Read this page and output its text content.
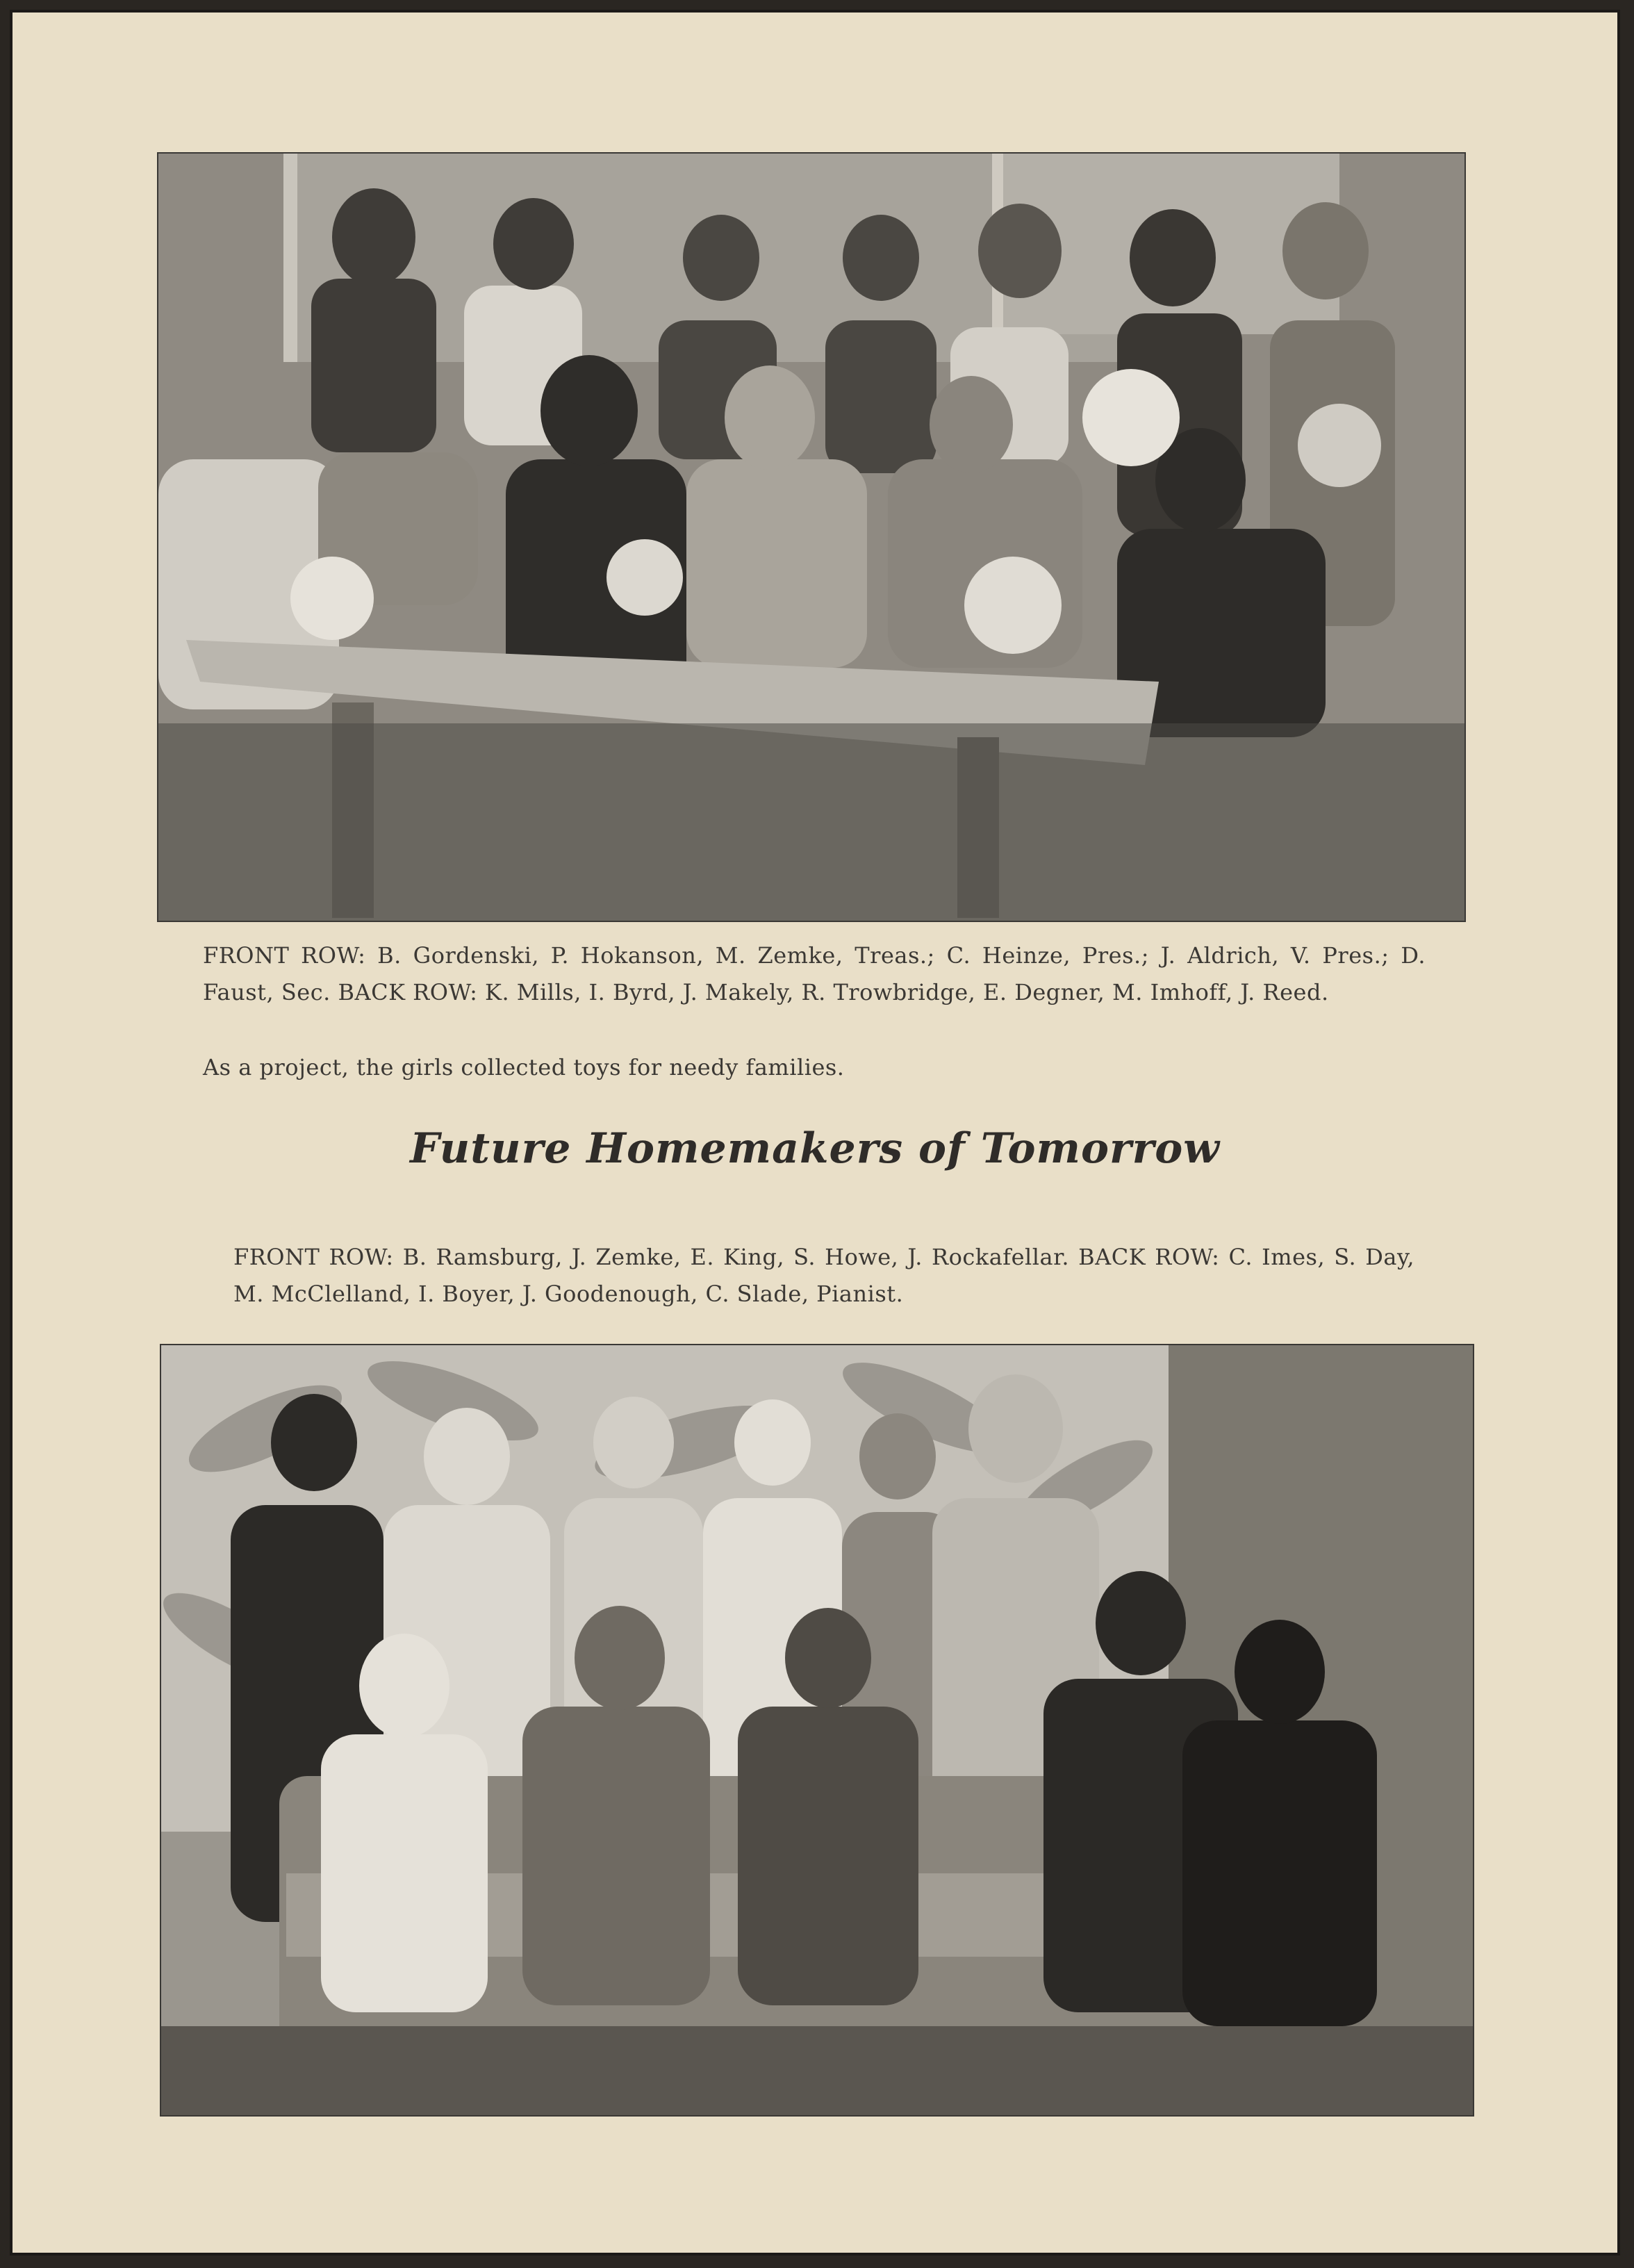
FRONT ROW: B. Gordenski, P. Hokanson, M. Zemke, Treas.; C. Heinze, Pres.; J. Aldrich, V. Pres.; D. Faust, Sec. BACK ROW: K. Mills, I. Byrd, J. Makely, R. Trowbridge, E. Degner, M. Imhoff, J. Reed.

As a project, the girls collected toys for needy families.

Future Homemakers of Tomorrow

FRONT ROW: B. Ramsburg, J. Zemke, E. King, S. Howe, J. Rockafellar. BACK ROW: C. Imes, S. Day, M. McClelland, I. Boyer, J. Goodenough, C. Slade, Pianist.
